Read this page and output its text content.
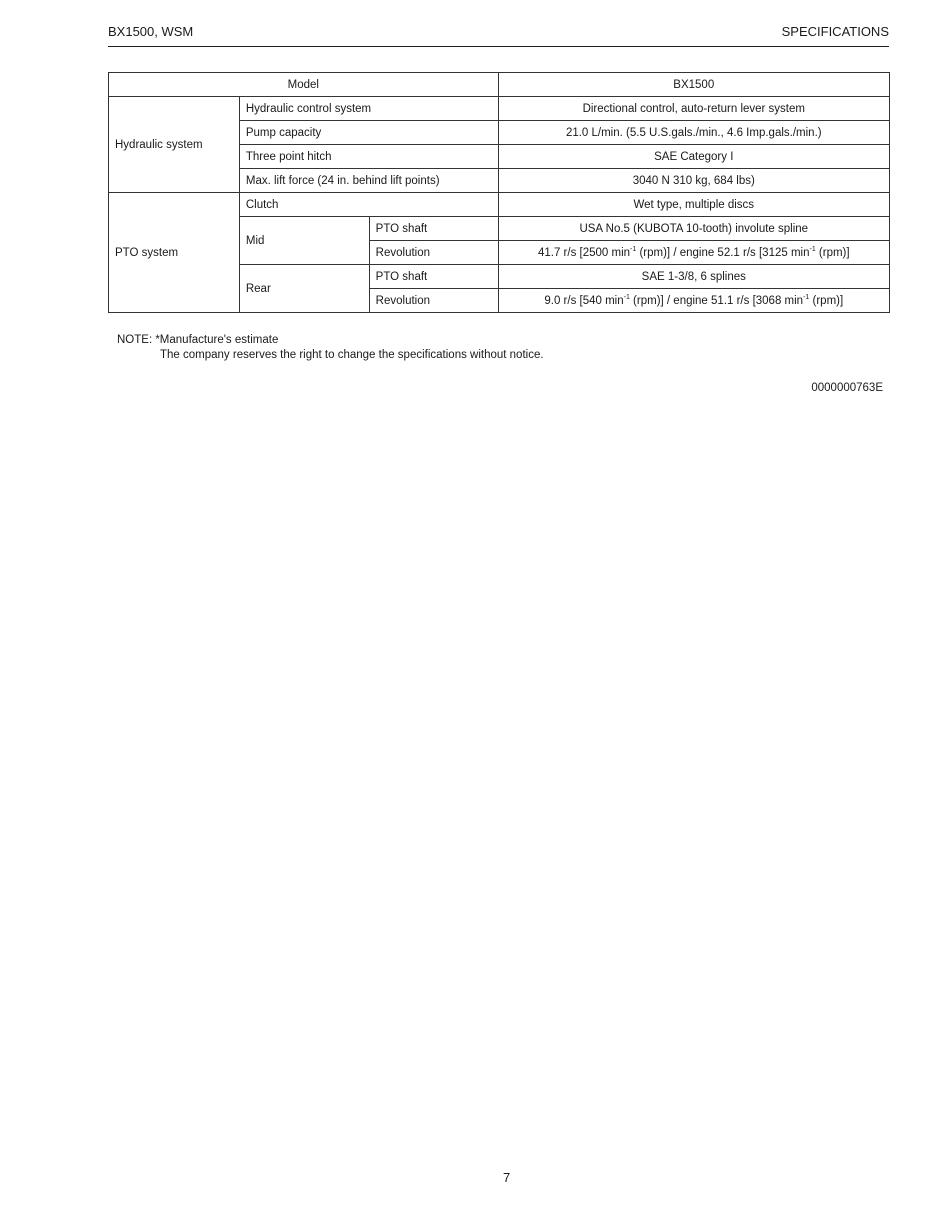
BX1500, WSM	SPECIFICATIONS
Model			BX1500
Hydraulic system	Hydraulic control system		Directional control, auto-return lever system
	Pump capacity		21.0 L/min. (5.5 U.S.gals./min., 4.6 Imp.gals./min.)
	Three point hitch		SAE Category I
	Max. lift force (24 in. behind lift points)		3040 N 310 kg, 684 lbs)
PTO system	Clutch		Wet type, multiple discs
	Mid	PTO shaft	USA No.5 (KUBOTA 10-tooth) involute spline
		Revolution	41.7 r/s [2500 $\min^{-1} (rpm)$] / engine 52.1 r/s [3125 $\min^{-1} (rpm)$]
	Rear	PTO shaft	SAE 1-3/8, 6 splines
		Revolution	9.0 r/s [540 $\min^{-1} (rpm)$] / engine 51.1 r/s [3068 $\min^{-1} (rpm)$]
NOTE: *Manufacture's estimate
The company reserves the right to change the specifications without notice.
0000000763E
7
